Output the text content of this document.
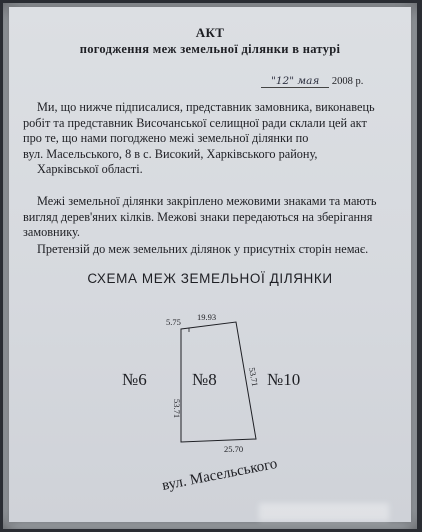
АКТ
погодження меж земельної ділянки в натурі
"12" мая 2008 р.
Ми, що нижче підписалися, представник замовника, виконавець
робіт та представник Височанської селищної ради склали цей акт
про те, що нами погоджено межі земельної ділянки по
вул. Масельського, 8 в с. Високий, Харківського району,
Харківської області.
Межі земельної ділянки закріплено межовими знаками та мають
вигляд дерев'яних кілків. Межові знаки передаються на зберігання
замовнику.
Претензій до меж земельних ділянок у присутніх сторін немає.
СХЕМА МЕЖ ЗЕМЕЛЬНОЇ ДІЛЯНКИ
5.75 19.93
53.71
53.71
25.70
№6	№8	№10
вул. Масельського
